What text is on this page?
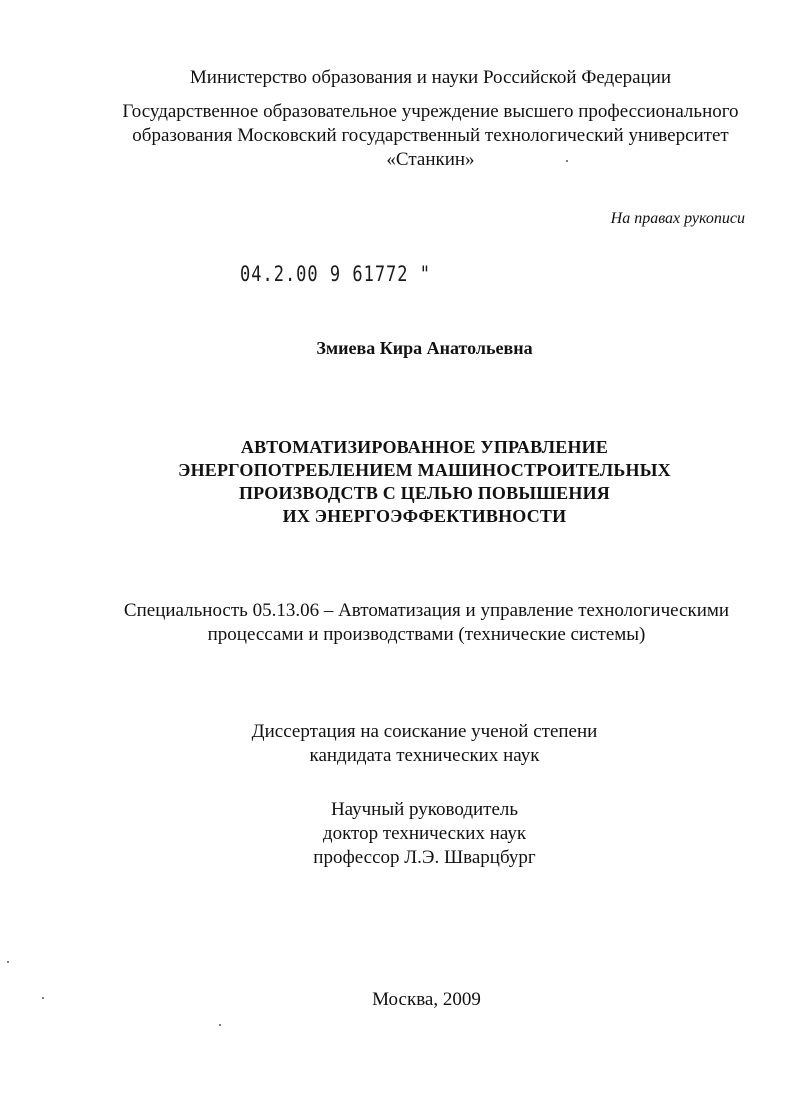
Министерство образования и науки Российской Федерации
Государственное образовательное учреждение высшего профессионального
образования Московский государственный технологический университет
«Станкин»
На правах рукописи
04.2.00 9 61772 "
Змиева Кира Анатольевна
АВТОМАТИЗИРОВАННОЕ УПРАВЛЕНИЕ
ЭНЕРГОПОТРЕБЛЕНИЕМ МАШИНОСТРОИТЕЛЬНЫХ
ПРОИЗВОДСТВ С ЦЕЛЬЮ ПОВЫШЕНИЯ
ИХ ЭНЕРГОЭФФЕКТИВНОСТИ
Специальность 05.13.06 – Автоматизация и управление технологическими
процессами и производствами (технические системы)
Диссертация на соискание ученой степени
кандидата технических наук
Научный руководитель
доктор технических наук
профессор Л.Э. Шварцбург
Москва, 2009
